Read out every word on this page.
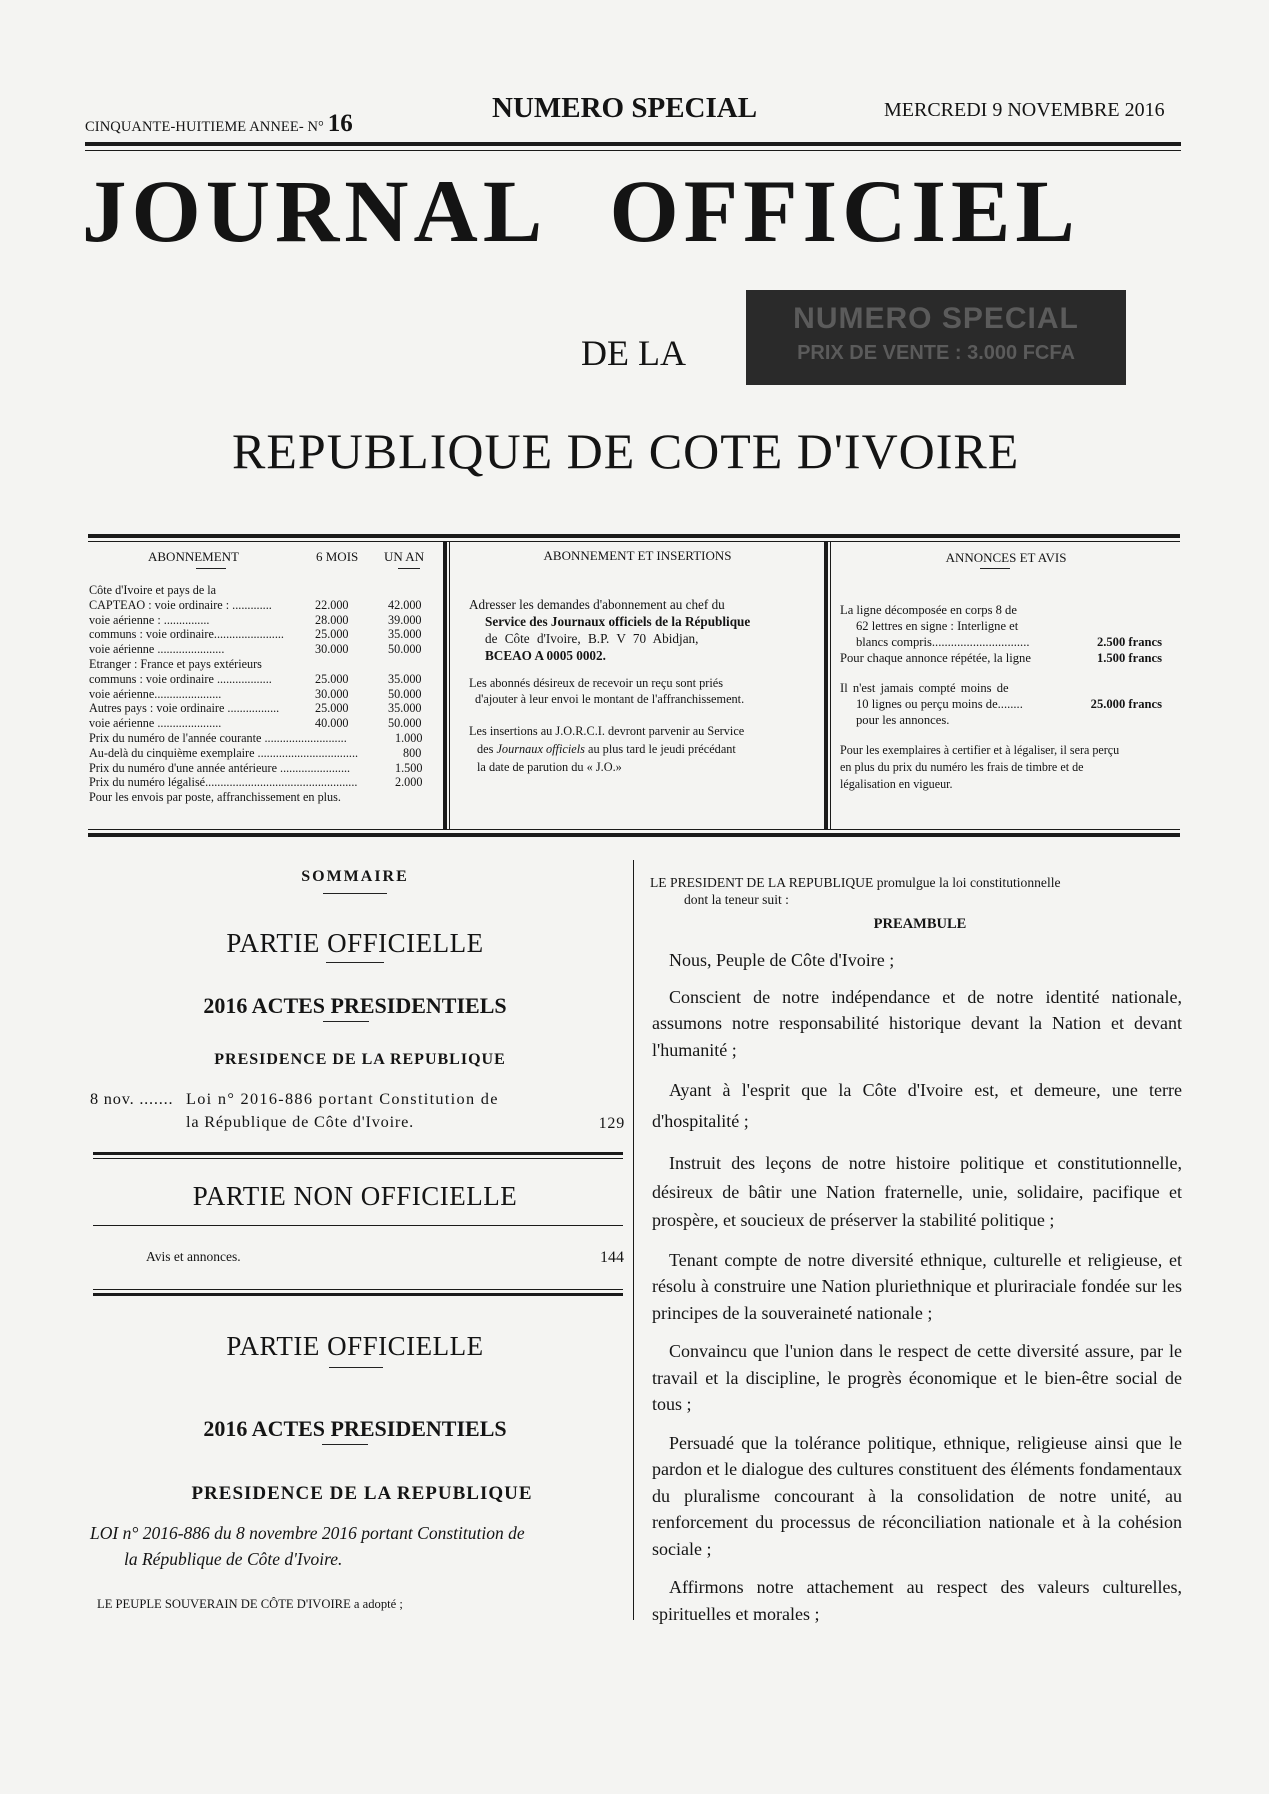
CINQUANTE-HUITIEME ANNEE- N° 16	NUMERO SPECIAL	MERCREDI 9 NOVEMBRE 2016
JOURNAL OFFICIEL
DE LA
NUMERO SPECIAL
PRIX DE VENTE : 3.000 FCFA
REPUBLIQUE DE COTE D'IVOIRE
ABONNEMENT	6 MOIS UN AN
Côte d'Ivoire et pays de la
CAPTEAO : voie ordinaire : .............	22.000	42.000
voie aérienne : ...............	28.000	39.000
communs : voie ordinaire.......................	25.000	35.000
voie aérienne ......................	30.000	50.000
Etranger : France et pays extérieurs
communs : voie ordinaire ..................	25.000	35.000
voie aérienne......................	30.000	50.000
Autres pays : voie ordinaire .................	25.000	35.000
voie aérienne .....................	40.000	50.000
Prix du numéro de l'année courante ...........................	1.000
Au-delà du cinquième exemplaire .................................	800
Prix du numéro d'une année antérieure .......................	1.500
Prix du numéro légalisé..................................................	2.000
Pour les envois par poste, affranchissement en plus.
ABONNEMENT ET INSERTIONS
Adresser les demandes d'abonnement au chef du
Service des Journaux officiels de la République
de Côte d'Ivoire, B.P. V 70 Abidjan,
BCEAO A 0005 0002.
Les abonnés désireux de recevoir un reçu sont priés
d'ajouter à leur envoi le montant de l'affranchissement.
Les insertions au J.O.R.C.I. devront parvenir au Service
des Journaux officiels au plus tard le jeudi précédant
la date de parution du « J.O.»
ANNONCES ET AVIS
La ligne décomposée en corps 8 de
62 lettres en signe : Interligne et
blancs compris...............................	2.500 francs
Pour chaque annonce répétée, la ligne	1.500 francs
Il n'est jamais compté moins de
10 lignes ou perçu moins de........	25.000 francs
pour les annonces.
Pour les exemplaires à certifier et à légaliser, il sera perçu
en plus du prix du numéro les frais de timbre et de
légalisation en vigueur.
SOMMAIRE
PARTIE OFFICIELLE
2016 ACTES PRESIDENTIELS
PRESIDENCE DE LA REPUBLIQUE
8 nov. ....... Loi n° 2016-886 portant Constitution de
la République de Côte d'Ivoire.	129
PARTIE NON OFFICIELLE
Avis et annonces.	144
PARTIE OFFICIELLE
2016 ACTES PRESIDENTIELS
PRESIDENCE DE LA REPUBLIQUE
LOI n° 2016-886 du 8 novembre 2016 portant Constitution de
la République de Côte d'Ivoire.
LE PEUPLE SOUVERAIN DE CÔTE D'IVOIRE a adopté ;
LE PRESIDENT DE LA REPUBLIQUE promulgue la loi constitutionnelle
dont la teneur suit :
PREAMBULE
Nous, Peuple de Côte d'Ivoire ;
Conscient de notre indépendance et de notre identité nationale, assumons notre responsabilité historique devant la Nation et devant l'humanité ;
Ayant à l'esprit que la Côte d'Ivoire est, et demeure, une terre d'hospitalité ;
Instruit des leçons de notre histoire politique et constitutionnelle, désireux de bâtir une Nation fraternelle, unie, solidaire, pacifique et prospère, et soucieux de préserver la stabilité politique ;
Tenant compte de notre diversité ethnique, culturelle et religieuse, et résolu à construire une Nation pluriethnique et pluriraciale fondée sur les principes de la souveraineté nationale ;
Convaincu que l'union dans le respect de cette diversité assure, par le travail et la discipline, le progrès économique et le bien-être social de tous ;
Persuadé que la tolérance politique, ethnique, religieuse ainsi que le pardon et le dialogue des cultures constituent des éléments fondamentaux du pluralisme concourant à la consolidation de notre unité, au renforcement du processus de réconciliation nationale et à la cohésion sociale ;
Affirmons notre attachement au respect des valeurs culturelles, spirituelles et morales ;
